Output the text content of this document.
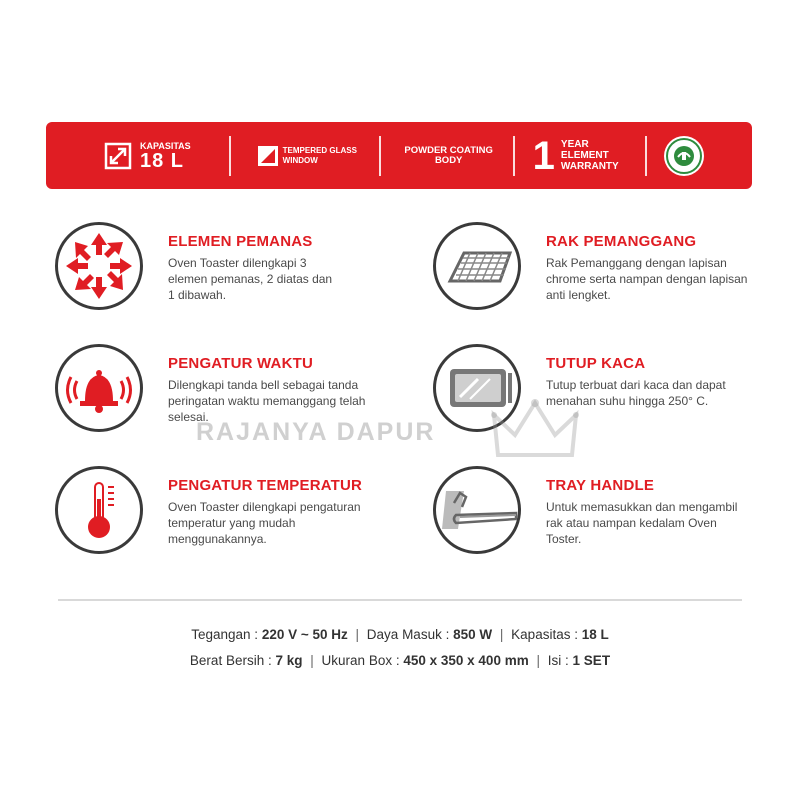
KAPASITAS
18 L	TEMPERED GLASS WINDOW
POWDER COATING BODY	1 YEAR ELEMENT WARRANTY
ELEMEN PEMANAS
Oven Toaster dilengkapi 3 elemen pemanas, 2 diatas dan 1 dibawah.
RAK PEMANGGANG
Rak Pemanggang dengan lapisan chrome serta nampan dengan lapisan anti lengket.
PENGATUR WAKTU
Dilengkapi tanda bell sebagai tanda peringatan waktu memanggang telah selesai.
TUTUP KACA
Tutup terbuat dari kaca dan dapat menahan suhu hingga 250° C.
PENGATUR TEMPERATUR
Oven Toaster dilengkapi pengaturan temperatur yang mudah menggunakannya.
TRAY HANDLE
Untuk memasukkan dan mengambil rak atau nampan kedalam Oven Toster.
RAJANYA DAPUR
Tegangan : 220 V ~ 50 Hz | Daya Masuk : 850 W | Kapasitas : 18 L
Berat Bersih : 7 kg | Ukuran Box : 450 x 350 x 400 mm | Isi : 1 SET
